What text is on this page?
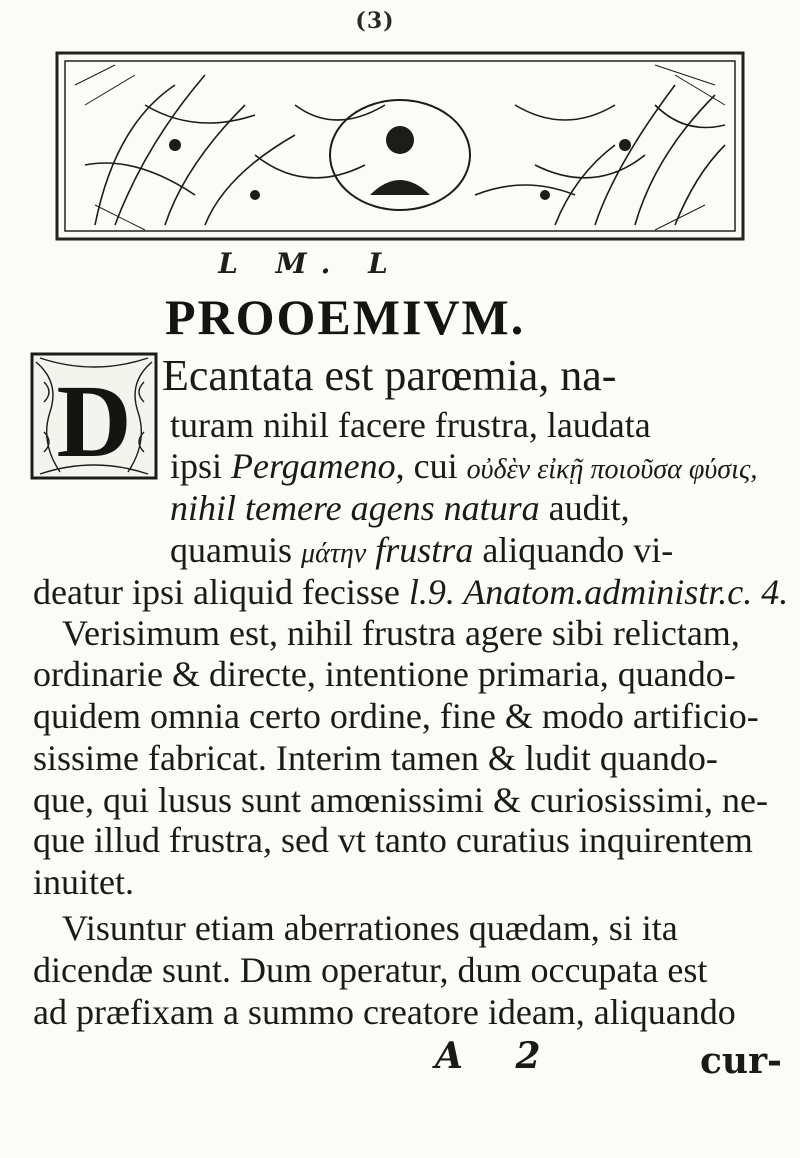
(3)
L M. L
PROOEMIVM.
D Ecantata est parœmia, na-
turam nihil facere frustra, laudata
ipsi Pergameno, cui οὐδὲν εἰκῇ ποιοῦσα φύσις,
nihil temere agens natura audit,
quamuis μάτην frustra aliquando vi-
deatur ipsi aliquid fecisse l.9. Anatom.administr.c. 4.
Verisimum est, nihil frustra agere sibi relictam,
ordinarie & directe, intentione primaria, quando-
quidem omnia certo ordine, fine & modo artificio-
sissime fabricat. Interim tamen & ludit quando-
que, qui lusus sunt amœnissimi & curiosissimi, ne-
que illud frustra, sed vt tanto curatius inquirentem
inuitet.
Visuntur etiam aberrationes quædam, si ita
dicendæ sunt. Dum operatur, dum occupata est
ad præfixam a summo creatore ideam, aliquando
A 2	cur-
